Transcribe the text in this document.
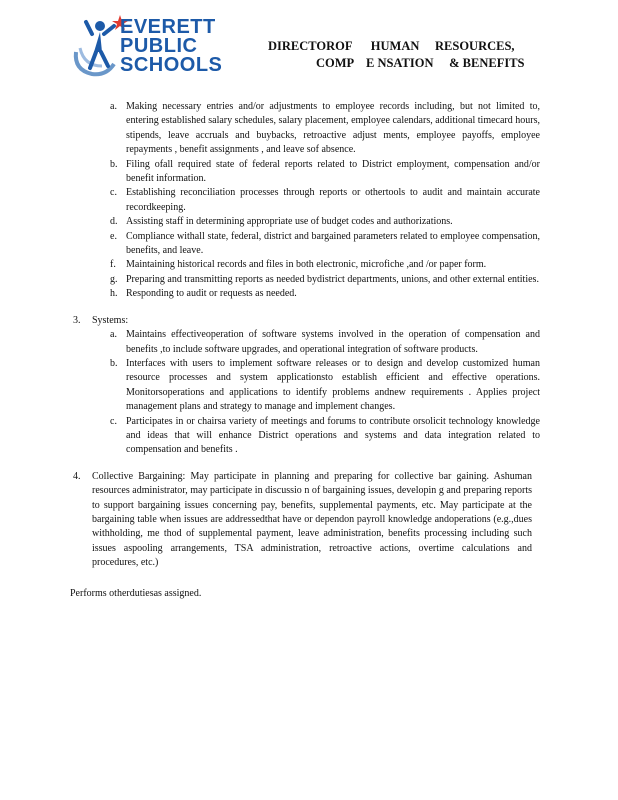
EVERETT
PUBLIC
SCHOOLS
DIRECTOROF      HUMAN     RESOURCES,
COMP    E NSATION     & BENEFITS
a. Making necessary entries and/or adjustments to employee records including, but not limited to, entering established salary schedules, salary placement, employee calendars, additional timecard hours, stipends, leave accruals and buybacks, retroactive adjust ments, employee payoffs, employee repayments , benefit assignments , and leave sof absence.
b. Filing ofall required state of federal reports related to District employment, compensation and/or benefit information.
c. Establishing reconciliation processes through reports or othertools to audit and maintain accurate recordkeeping.
d. Assisting staff in determining appropriate use of budget codes and authorizations.
e. Compliance withall state, federal, district and bargained parameters related to employee compensation, benefits, and leave.
f. Maintaining historical records and files in both electronic, microfiche ,and /or paper form.
g. Preparing and transmitting reports as needed bydistrict departments, unions, and other external entities.
h. Responding to audit or requests as needed.
3.	Systems:
a. Maintains effectiveoperation of software systems involved in the operation of compensation and benefits ,to include software upgrades, and operational integration of software products.
b. Interfaces with users to implement software releases or to design and develop customized human resource processes and system applicationsto establish efficient and effective operations. Monitorsoperations and applications to identify problems andnew requirements . Applies project management plans and strategy to manage and implement changes.
c. Participates in or chairsa variety of meetings and forums to contribute orsolicit technology knowledge and ideas that will enhance District operations and systems and data integration related to compensation and benefits .
4.	Collective Bargaining: May participate in planning and preparing for collective bar gaining. Ashuman resources administrator, may participate in discussio n of bargaining issues, developin g and preparing reports to support bargaining issues concerning pay, benefits, supplemental payments, etc. May participate at the bargaining table when issues are addressedthat have or dependon payroll knowledge andoperations (e.g.,dues withholding, me thod of supplemental payment, leave administration, benefits processing including such issues aspooling arrangements, TSA administration, retroactive actions, overtime calculations and procedures, etc.)
Performs otherdutiesas assigned.
